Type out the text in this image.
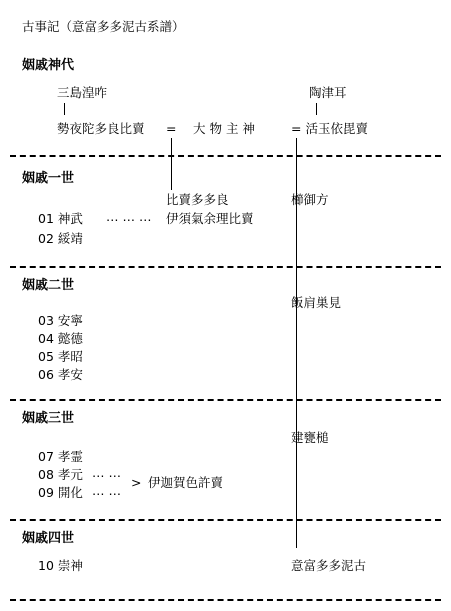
古事記（意富多多泥古系譜）
姻戚神代
姻戚一世
姻戚二世
姻戚三世
姻戚四世
三島湟咋	陶津耳
勢夜陀多良比賣 = 大 物 主 神	= 活玉依毘賣
比賣多多良
伊須氣余理比賣
櫛御方
01 神武 … … …
02 綏靖
飯肩巣見
03 安寧
04 懿德
05 孝昭
06 孝安
建甕槌
07 孝霊
08 孝元
09 開化
… …
… …
> 伊迦賀色許賣
10 崇神	意富多多泥古
